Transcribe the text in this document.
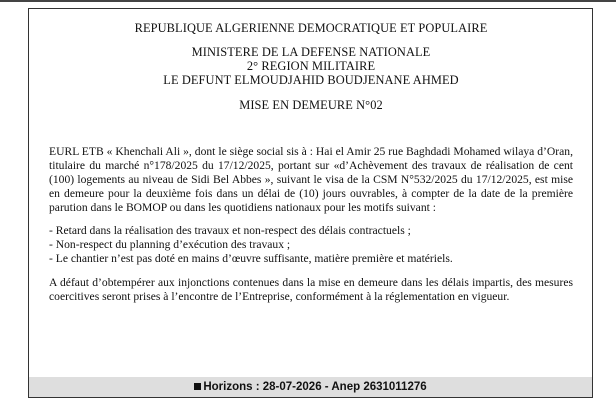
REPUBLIQUE ALGERIENNE DEMOCRATIQUE ET POPULAIRE

MINISTERE DE LA DEFENSE NATIONALE

2° REGION MILITAIRE

LE DEFUNT ELMOUDJAHID BOUDJENANE AHMED

MISE EN DEMEURE N°02

EURL ETB « Khenchali Ali », dont le siège social sis à : Hai el Amir 25 rue Baghdadi Mohamed wilaya d’Oran, titulaire du marché n°178/2025 du 17/12/2025, portant sur «d’Achèvement des travaux de réalisation de cent (100) logements au niveau de Sidi Bel Abbes », suivant le visa de la CSM N°532/2025 du 17/12/2025, est mise en demeure pour la deuxième fois dans un délai de (10) jours ouvrables, à compter de la date de la première parution dans le BOMOP ou dans les quotidiens nationaux pour les motifs suivant :

- Retard dans la réalisation des travaux et non-respect des délais contractuels ;
- Non-respect du planning d’exécution des travaux ;
- Le chantier n’est pas doté en mains d’œuvre suffisante, matière première et matériels.

A défaut d’obtempérer aux injonctions contenues dans la mise en demeure dans les délais impartis, des mesures coercitives seront prises à l’encontre de l’Entreprise, conformément à la réglementation en vigueur.

Horizons : 28-07-2026 - Anep 2631011276
